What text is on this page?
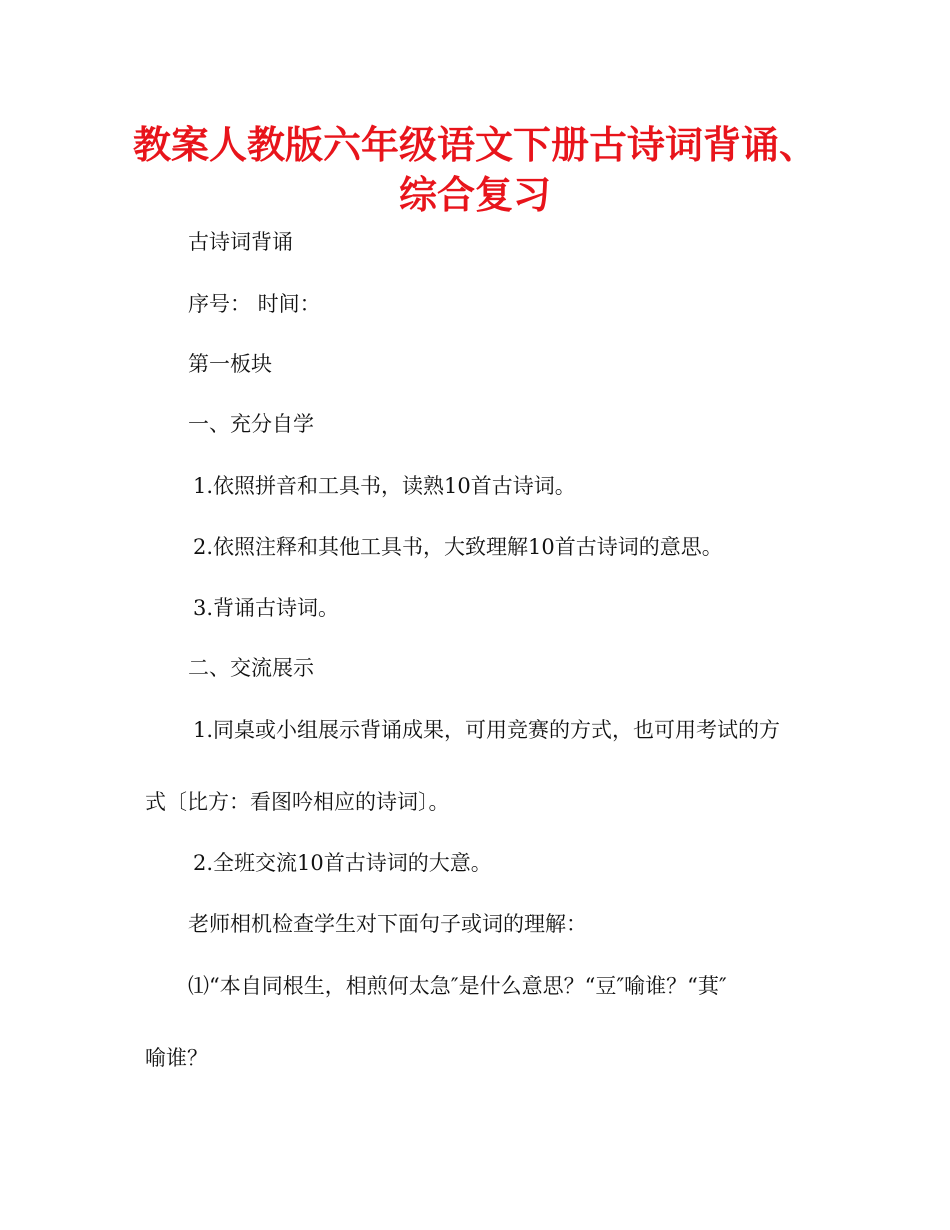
教案人教版六年级语文下册古诗词背诵、
综合复习
古诗词背诵
序号： 时间：
第一板块
一、充分自学
1.依照拼音和工具书，读熟10首古诗词。
2.依照注释和其他工具书，大致理解10首古诗词的意思。
3.背诵古诗词。
二、交流展示
1.同桌或小组展示背诵成果，可用竞赛的方式，也可用考试的方
式〔比方：看图吟相应的诗词〕。
2.全班交流10首古诗词的大意。
老师相机检查学生对下面句子或词的理解：
⑴“本自同根生，相煎何太急″是什么意思？“豆″喻谁？“萁″
喻谁？
